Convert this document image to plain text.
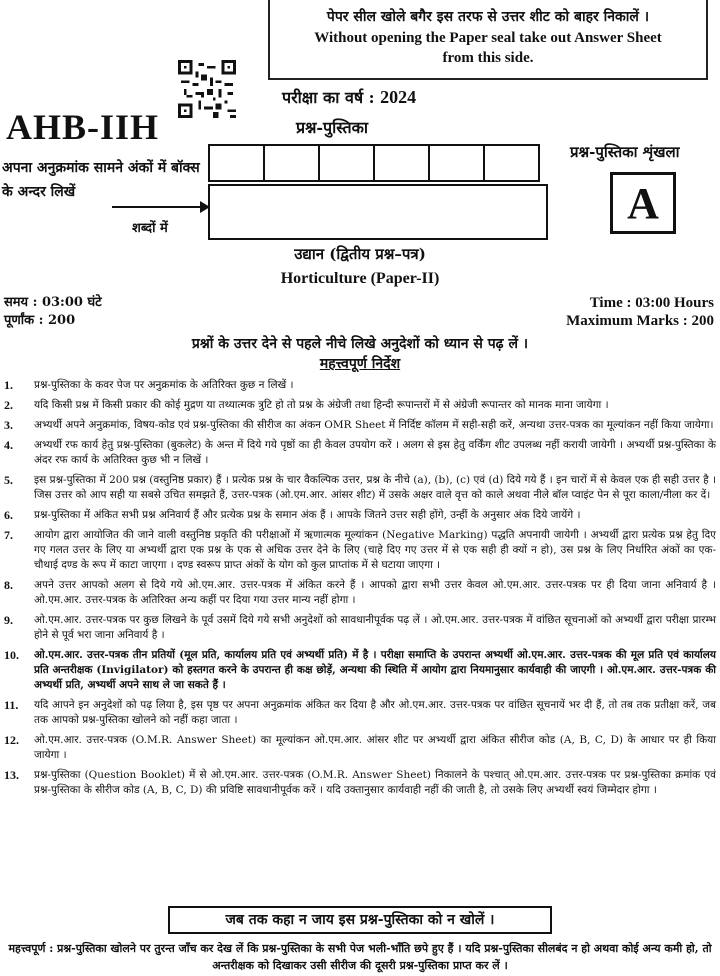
पेपर सील खोले बगैर इस तरफ से उत्तर शीट को बाहर निकालें ।
Without opening the Paper seal take out Answer Sheet
from this side.
AHB-IIH
परीक्षा का वर्ष : 2024
प्रश्न-पुस्तिका
प्रश्न-पुस्तिका शृंखला
A
अपना अनुक्रमांक सामने अंकों में बॉक्स के अन्दर लिखें
शब्दों में
उद्यान (द्वितीय प्रश्न–पत्र)
Horticulture (Paper-II)
समय : 03:00 घंटे
पूर्णांक : 200
Time : 03:00 Hours
Maximum Marks : 200
प्रश्नों के उत्तर देने से पहले नीचे लिखे अनुदेशों को ध्यान से पढ़ लें ।
महत्त्वपूर्ण निर्देश
1.	प्रश्न-पुस्तिका के कवर पेज पर अनुक्रमांक के अतिरिक्त कुछ न लिखें ।
2.	यदि किसी प्रश्न में किसी प्रकार की कोई मुद्रण या तथ्यात्मक त्रुटि हो तो प्रश्न के अंग्रेजी तथा हिन्दी रूपान्तरों में से अंग्रेजी रूपान्तर को मानक माना जायेगा ।
3.	अभ्यर्थी अपने अनुक्रमांक, विषय-कोड एवं प्रश्न-पुस्तिका की सीरीज का अंकन OMR Sheet में निर्दिष्ट कॉलम में सही-सही करें, अन्यथा उत्तर-पत्रक का मूल्यांकन नहीं किया जायेगा।
4.	अभ्यर्थी रफ कार्य हेतु प्रश्न-पुस्तिका (बुकलेट) के अन्त में दिये गये पृष्ठों का ही केवल उपयोग करें । अलग से इस हेतु वर्किंग शीट उपलब्ध नहीं करायी जायेगी । अभ्यर्थी प्रश्न-पुस्तिका के अंदर रफ कार्य के अतिरिक्त कुछ भी न लिखें ।
5.	इस प्रश्न-पुस्तिका में 200 प्रश्न (वस्तुनिष्ठ प्रकार) हैं । प्रत्येक प्रश्न के चार वैकल्पिक उत्तर, प्रश्न के नीचे (a), (b), (c) एवं (d) दिये गये हैं । इन चारों में से केवल एक ही सही उत्तर है । जिस उत्तर को आप सही या सबसे उचित समझते हैं, उत्तर-पत्रक (ओ.एम.आर. आंसर शीट) में उसके अक्षर वाले वृत्त को काले अथवा नीले बॉल प्वाइंट पेन से पूरा काला/नीला कर दें।
6.	प्रश्न-पुस्तिका में अंकित सभी प्रश्न अनिवार्य हैं और प्रत्येक प्रश्न के समान अंक हैं । आपके जितने उत्तर सही होंगे, उन्हीं के अनुसार अंक दिये जायेंगे ।
7.	आयोग द्वारा आयोजित की जाने वाली वस्तुनिष्ठ प्रकृति की परीक्षाओं में ऋणात्मक मूल्यांकन (Negative Marking) पद्धति अपनायी जायेगी । अभ्यर्थी द्वारा प्रत्येक प्रश्न हेतु दिए गए गलत उत्तर के लिए या अभ्यर्थी द्वारा एक प्रश्न के एक से अधिक उत्तर देने के लिए (चाहे दिए गए उत्तर में से एक सही ही क्यों न हो), उस प्रश्न के लिए निर्धारित अंकों का एक-चौथाई दण्ड के रूप में काटा जाएगा । दण्ड स्वरूप प्राप्त अंकों के योग को कुल प्राप्तांक में से घटाया जाएगा ।
8.	अपने उत्तर आपको अलग से दिये गये ओ.एम.आर. उत्तर-पत्रक में अंकित करने हैं । आपको द्वारा सभी उत्तर केवल ओ.एम.आर. उत्तर-पत्रक पर ही दिया जाना अनिवार्य है । ओ.एम.आर. उत्तर-पत्रक के अतिरिक्त अन्य कहीं पर दिया गया उत्तर मान्य नहीं होगा ।
9.	ओ.एम.आर. उत्तर-पत्रक पर कुछ लिखने के पूर्व उसमें दिये गये सभी अनुदेशों को सावधानीपूर्वक पढ़ लें । ओ.एम.आर. उत्तर-पत्रक में वांछित सूचनाओं को अभ्यर्थी द्वारा परीक्षा प्रारम्भ होने से पूर्व भरा जाना अनिवार्य है ।
10.	ओ.एम.आर. उत्तर-पत्रक तीन प्रतियों (मूल प्रति, कार्यालय प्रति एवं अभ्यर्थी प्रति) में है । परीक्षा समाप्ति के उपरान्त अभ्यर्थी ओ.एम.आर. उत्तर-पत्रक की मूल प्रति एवं कार्यालय प्रति अन्तरीक्षक (Invigilator) को हस्तगत करने के उपरान्त ही कक्ष छोड़ें, अन्यथा की स्थिति में आयोग द्वारा नियमानुसार कार्यवाही की जाएगी । ओ.एम.आर. उत्तर-पत्रक की अभ्यर्थी प्रति, अभ्यर्थी अपने साथ ले जा सकते हैं ।
11.	यदि आपने इन अनुदेशों को पढ़ लिया है, इस पृष्ठ पर अपना अनुक्रमांक अंकित कर दिया है और ओ.एम.आर. उत्तर-पत्रक पर वांछित सूचनायें भर दी हैं, तो तब तक प्रतीक्षा करें, जब तक आपको प्रश्न-पुस्तिका खोलने को नहीं कहा जाता ।
12.	ओ.एम.आर. उत्तर-पत्रक (O.M.R. Answer Sheet) का मूल्यांकन ओ.एम.आर. आंसर शीट पर अभ्यर्थी द्वारा अंकित सीरीज कोड (A, B, C, D) के आधार पर ही किया जायेगा ।
13.	प्रश्न-पुस्तिका (Question Booklet) में से ओ.एम.आर. उत्तर-पत्रक (O.M.R. Answer Sheet) निकालने के पश्चात् ओ.एम.आर. उत्तर-पत्रक पर प्रश्न-पुस्तिका क्रमांक एवं प्रश्न-पुस्तिका के सीरीज कोड (A, B, C, D) की प्रविष्टि सावधानीपूर्वक करें । यदि उक्तानुसार कार्यवाही नहीं की जाती है, तो उसके लिए अभ्यर्थी स्वयं जिम्मेदार होगा ।
जब तक कहा न जाय इस प्रश्न-पुस्तिका को न खोलें ।
महत्त्वपूर्ण : प्रश्न-पुस्तिका खोलने पर तुरन्त जाँच कर देख लें कि प्रश्न-पुस्तिका के सभी पेज भली-भाँति छपे हुए हैं । यदि प्रश्न-पुस्तिका सीलबंद न हो अथवा कोई अन्य कमी हो, तो अन्तरीक्षक को दिखाकर उसी सीरीज की दूसरी प्रश्न-पुस्तिका प्राप्त कर लें ।
